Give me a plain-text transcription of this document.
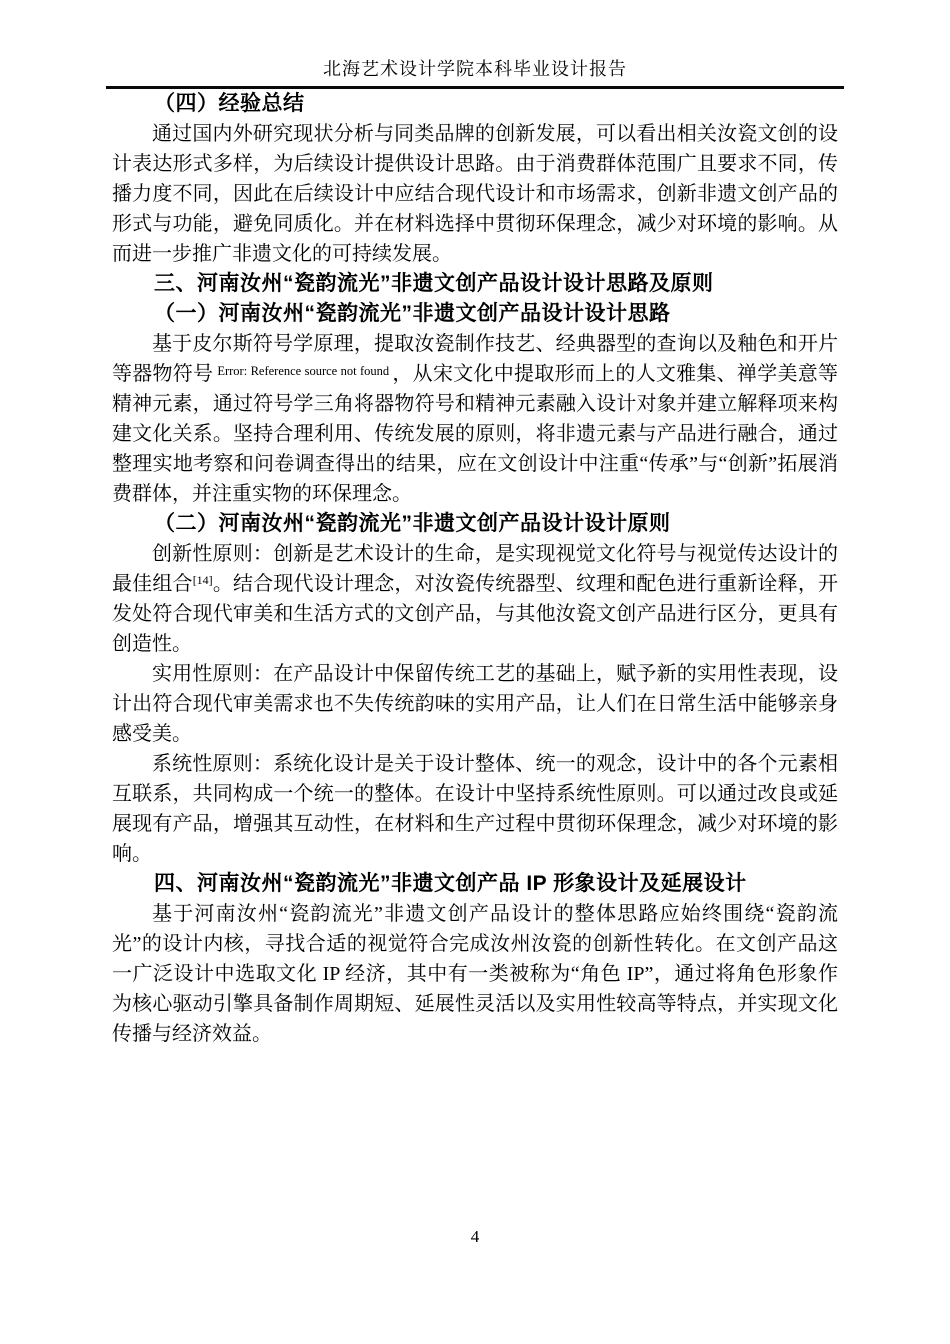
北海艺术设计学院本科毕业设计报告
（四）经验总结

通过国内外研究现状分析与同类品牌的创新发展，可以看出相关汝瓷文创的设计表达形式多样，为后续设计提供设计思路。由于消费群体范围广且要求不同，传播力度不同，因此在后续设计中应结合现代设计和市场需求，创新非遗文创产品的形式与功能，避免同质化。并在材料选择中贯彻环保理念，减少对环境的影响。从而进一步推广非遗文化的可持续发展。

三、河南汝州“瓷韵流光”非遗文创产品设计设计思路及原则
（一）河南汝州“瓷韵流光”非遗文创产品设计设计思路

基于皮尔斯符号学原理，提取汝瓷制作技艺、经典器型的查询以及釉色和开片等器物符号 $^{Error: Reference source not found}$ ，从宋文化中提取形而上的人文雅集、禅学美意等精神元素，通过符号学三角将器物符号和精神元素融入设计对象并建立解释项来构建文化关系。坚持合理利用、传统发展的原则，将非遗元素与产品进行融合，通过整理实地考察和问卷调查得出的结果，应在文创设计中注重“传承”与“创新”拓展消费群体，并注重实物的环保理念。

（二）河南汝州“瓷韵流光”非遗文创产品设计设计原则

创新性原则：创新是艺术设计的生命，是实现视觉文化符号与视觉传达设计的最佳组合[14]。结合现代设计理念，对汝瓷传统器型、纹理和配色进行重新诠释，开发处符合现代审美和生活方式的文创产品，与其他汝瓷文创产品进行区分，更具有创造性。

实用性原则：在产品设计中保留传统工艺的基础上，赋予新的实用性表现，设计出符合现代审美需求也不失传统韵味的实用产品，让人们在日常生活中能够亲身感受美。

系统性原则：系统化设计是关于设计整体、统一的观念，设计中的各个元素相互联系，共同构成一个统一的整体。在设计中坚持系统性原则。可以通过改良或延展现有产品，增强其互动性，在材料和生产过程中贯彻环保理念，减少对环境的影响。

四、河南汝州“瓷韵流光”非遗文创产品 IP 形象设计及延展设计

基于河南汝州“瓷韵流光”非遗文创产品设计的整体思路应始终围绕“瓷韵流光”的设计内核，寻找合适的视觉符合完成汝州汝瓷的创新性转化。在文创产品这一广泛设计中选取文化 IP 经济，其中有一类被称为“角色 IP”，通过将角色形象作为核心驱动引擎具备制作周期短、延展性灵活以及实用性较高等特点，并实现文化传播与经济效益。

4
